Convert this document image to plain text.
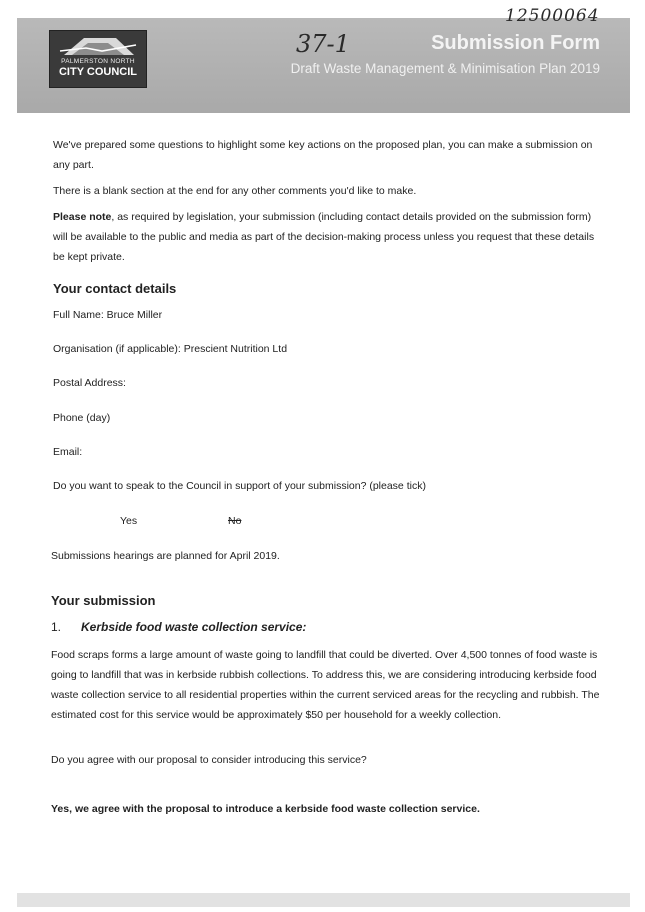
PALMERSTON NORTH
CITY COUNCIL
Submission Form
Draft Waste Management & Minimisation Plan 2019
12500064
37-1
We've prepared some questions to highlight some key actions on the proposed plan, you can make a submission on any part.
There is a blank section at the end for any other comments you'd like to make.
Please note, as required by legislation, your submission (including contact details provided on the submission form) will be available to the public and media as part of the decision-making process unless you request that these details be kept private.
Your contact details
Full Name: Bruce Miller
Organisation (if applicable): Prescient Nutrition Ltd
Postal Address:
Phone (day)
Email:
Do you want to speak to the Council in support of your submission? (please tick)
Yes	No
Submissions hearings are planned for April 2019.
Your submission
1. Kerbside food waste collection service:
Food scraps forms a large amount of waste going to landfill that could be diverted. Over 4,500 tonnes of food waste is going to landfill that was in kerbside rubbish collections. To address this, we are considering introducing kerbside food waste collection service to all residential properties within the current serviced areas for the recycling and rubbish. The estimated cost for this service would be approximately $50 per household for a weekly collection.
Do you agree with our proposal to consider introducing this service?
Yes, we agree with the proposal to introduce a kerbside food waste collection service.
